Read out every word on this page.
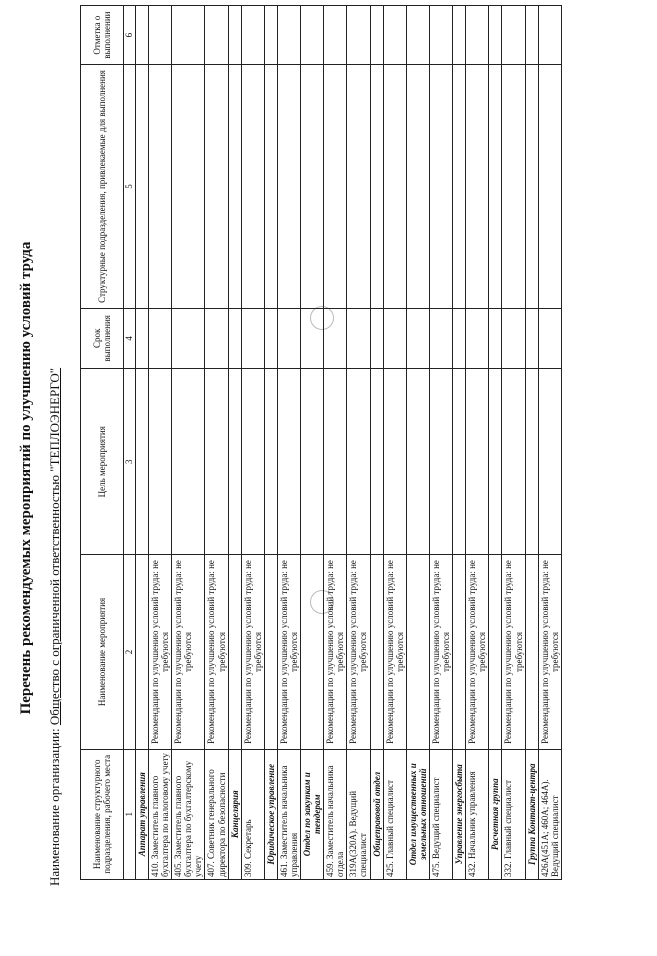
Перечень рекомендуемых мероприятий по улучшению условий труда
Наименование организации: Общество с ограниченной ответственностью "ТЕПЛОЭНЕРГО"
Наименование структурного подразделения, рабочего места	Наименование мероприятия	Цель мероприятия	Срок выполнения	Структурные подразделения, привлекаемые для выполнения	Отметка о выполнении
1	2	3	4	5	6
Аппарат управления					
410. Заместитель главного бухгалтера по налоговому учету	Рекомендации по улучшению условий труда: не требуются				
405. Заместитель главного бухгалтера по бухгалтерскому учету	Рекомендации по улучшению условий труда: не требуются				
407. Советник генерального директора по безопасности	Рекомендации по улучшению условий труда: не требуются				
Канцелярия					
309. Секретарь	Рекомендации по улучшению условий труда: не требуются				
Юридическое управление					
461. Заместитель начальника управления	Рекомендации по улучшению условий труда: не требуются				
Отдел по закупкам и тендерам					
459. Заместитель начальника отдела	Рекомендации по улучшению условий труда: не требуются				
319А(320А). Ведущий специалист	Рекомендации по улучшению условий труда: не требуются				
Общеправовой отдел					
425. Главный специалист	Рекомендации по улучшению условий труда: не требуются				
Отдел имущественных и земельных отношений					
475. Ведущий специалист	Рекомендации по улучшению условий труда: не требуются				
Управление энергосбыта					
432. Начальник управления	Рекомендации по улучшению условий труда: не требуются				
Расчетная группа					
332. Главный специалист	Рекомендации по улучшению условий труда: не требуются				
Группа Контакт-центра					
426А(451А; 460А; 464А). Ведущий специалист	Рекомендации по улучшению условий труда: не требуются				
